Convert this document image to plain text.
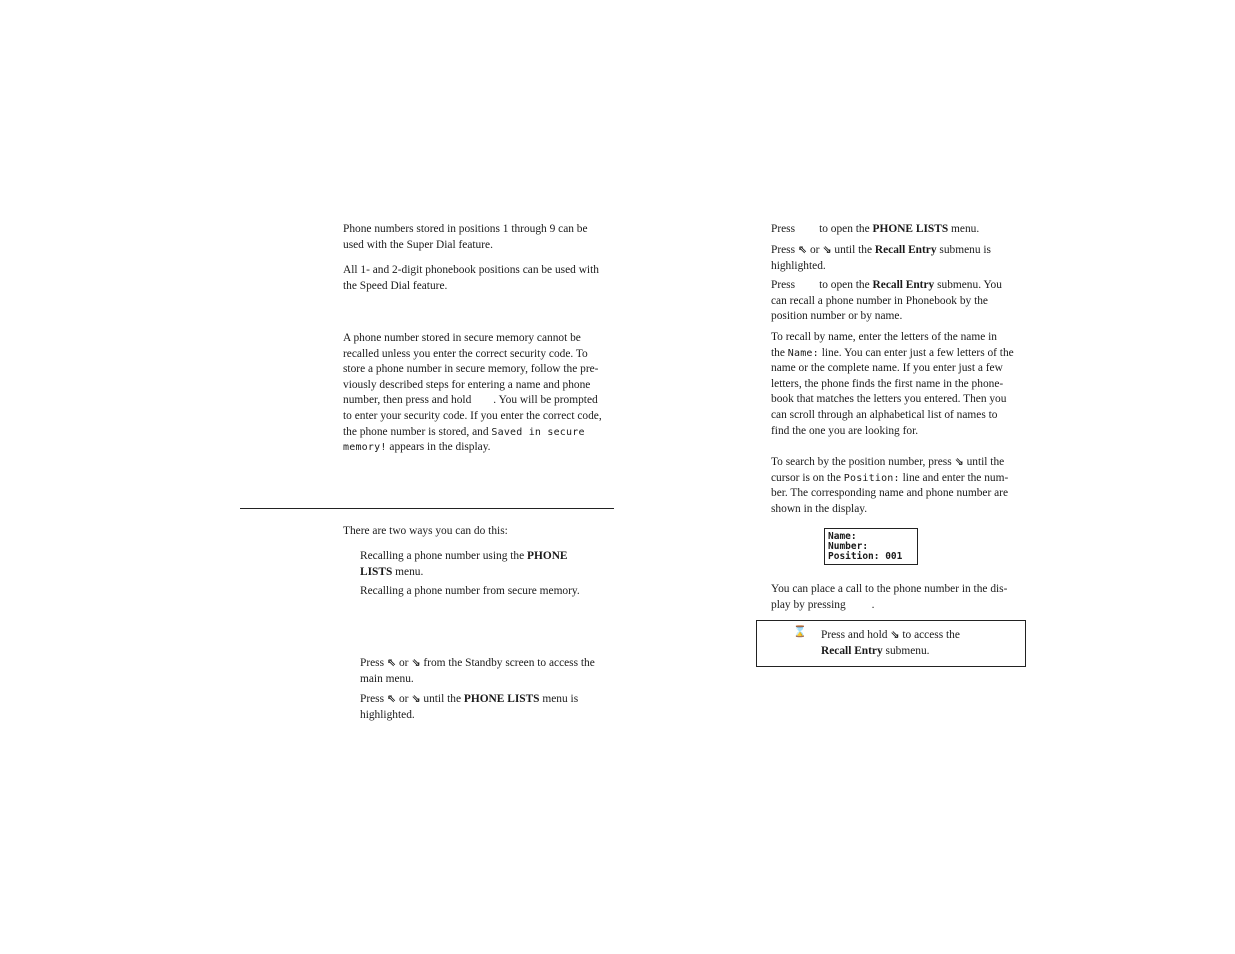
Phone numbers stored in positions 1 through 9 can be
used with the Super Dial feature.
All 1- and 2-digit phonebook positions can be used with
the Speed Dial feature.
A phone number stored in secure memory cannot be
recalled unless you enter the correct security code. To
store a phone number in secure memory, follow the pre-
viously described steps for entering a name and phone
number, then press and hold . You will be prompted
to enter your security code. If you enter the correct code,
the phone number is stored, and Saved in secure
memory! appears in the display.
There are two ways you can do this:
Recalling a phone number using the PHONE
LISTS menu.
Recalling a phone number from secure memory.
Press ⇖ or ⇘ from the Standby screen to access the
main menu.
Press ⇖ or ⇘ until the PHONE LISTS menu is
highlighted.
Press to open the PHONE LISTS menu.
Press ⇖ or ⇘ until the Recall Entry submenu is
highlighted.
Press to open the Recall Entry submenu. You
can recall a phone number in Phonebook by the
position number or by name.
To recall by name, enter the letters of the name in
the Name: line. You can enter just a few letters of the
name or the complete name. If you enter just a few
letters, the phone finds the first name in the phone-
book that matches the letters you entered. Then you
can scroll through an alphabetical list of names to
find the one you are looking for.
To search by the position number, press ⇘ until the
cursor is on the Position: line and enter the num-
ber. The corresponding name and phone number are
shown in the display.
Name:
Number:
Position: 001
You can place a call to the phone number in the dis-
play by pressing .
⌛ Press and hold ⇘ to access the
Recall Entry submenu.
